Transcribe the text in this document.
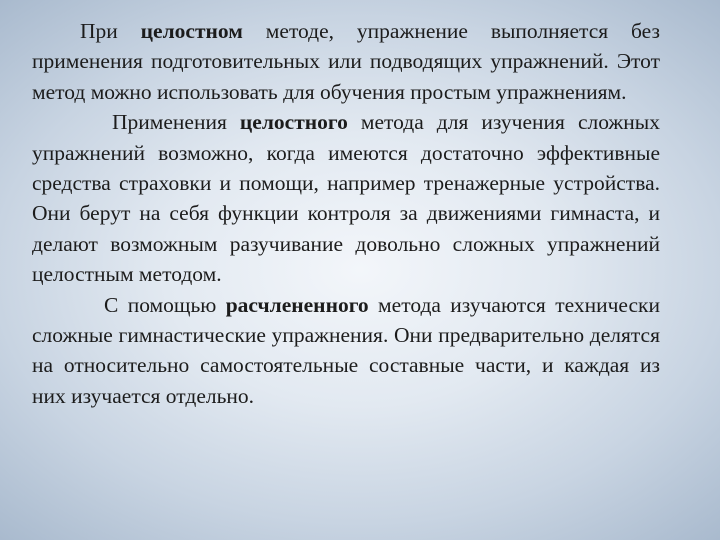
При целостном методе, упражнение выполняется без применения подготовительных или подводящих упражнений. Этот метод можно использовать для обучения простым упражнениям.

Применения целостного метода для изучения сложных упражнений возможно, когда имеются достаточно эффективные средства страховки и помощи, например тренажерные устройства. Они берут на себя функции контроля за движениями гимнаста, и делают возможным разучивание довольно сложных упражнений целостным методом.

С помощью расчлененного метода изучаются технически сложные гимнастические упражнения. Они предварительно делятся на относительно самостоятельные составные части, и каждая из них изучается отдельно.
